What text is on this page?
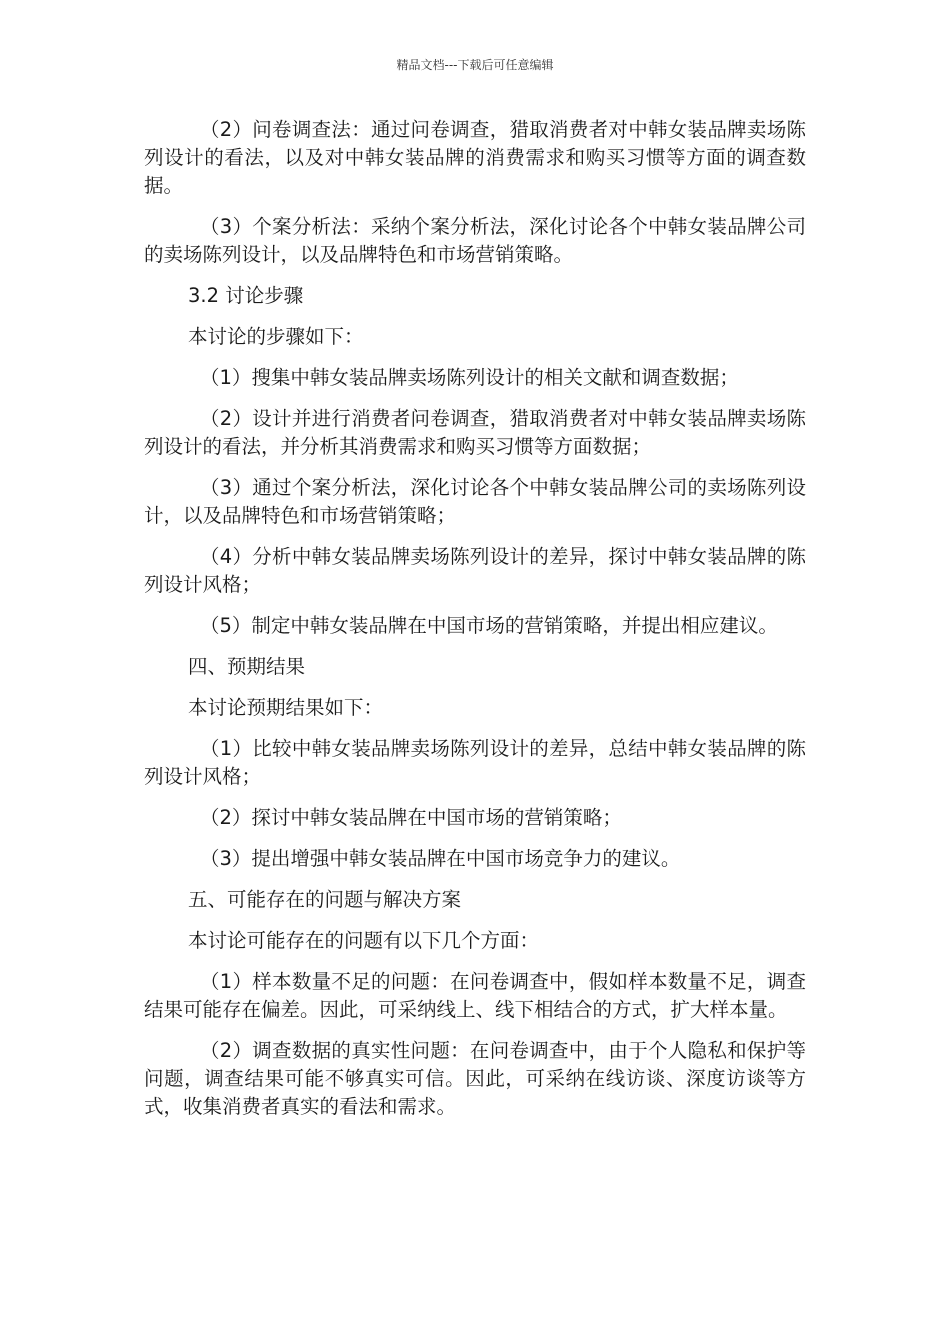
精品文档---下载后可任意编辑

（2）问卷调查法：通过问卷调查，猎取消费者对中韩女装品牌卖场陈列设计的看法，以及对中韩女装品牌的消费需求和购买习惯等方面的调查数据。

（3）个案分析法：采纳个案分析法，深化讨论各个中韩女装品牌公司的卖场陈列设计，以及品牌特色和市场营销策略。

3.2 讨论步骤

本讨论的步骤如下：

（1）搜集中韩女装品牌卖场陈列设计的相关文献和调查数据；

（2）设计并进行消费者问卷调查，猎取消费者对中韩女装品牌卖场陈列设计的看法，并分析其消费需求和购买习惯等方面数据；

（3）通过个案分析法，深化讨论各个中韩女装品牌公司的卖场陈列设计，以及品牌特色和市场营销策略；

（4）分析中韩女装品牌卖场陈列设计的差异，探讨中韩女装品牌的陈列设计风格；

（5）制定中韩女装品牌在中国市场的营销策略，并提出相应建议。

四、预期结果

本讨论预期结果如下：

（1）比较中韩女装品牌卖场陈列设计的差异，总结中韩女装品牌的陈列设计风格；

（2）探讨中韩女装品牌在中国市场的营销策略；

（3）提出增强中韩女装品牌在中国市场竞争力的建议。

五、可能存在的问题与解决方案

本讨论可能存在的问题有以下几个方面：

（1）样本数量不足的问题：在问卷调查中，假如样本数量不足，调查结果可能存在偏差。因此，可采纳线上、线下相结合的方式，扩大样本量。

（2）调查数据的真实性问题：在问卷调查中，由于个人隐私和保护等问题，调查结果可能不够真实可信。因此，可采纳在线访谈、深度访谈等方式，收集消费者真实的看法和需求。
